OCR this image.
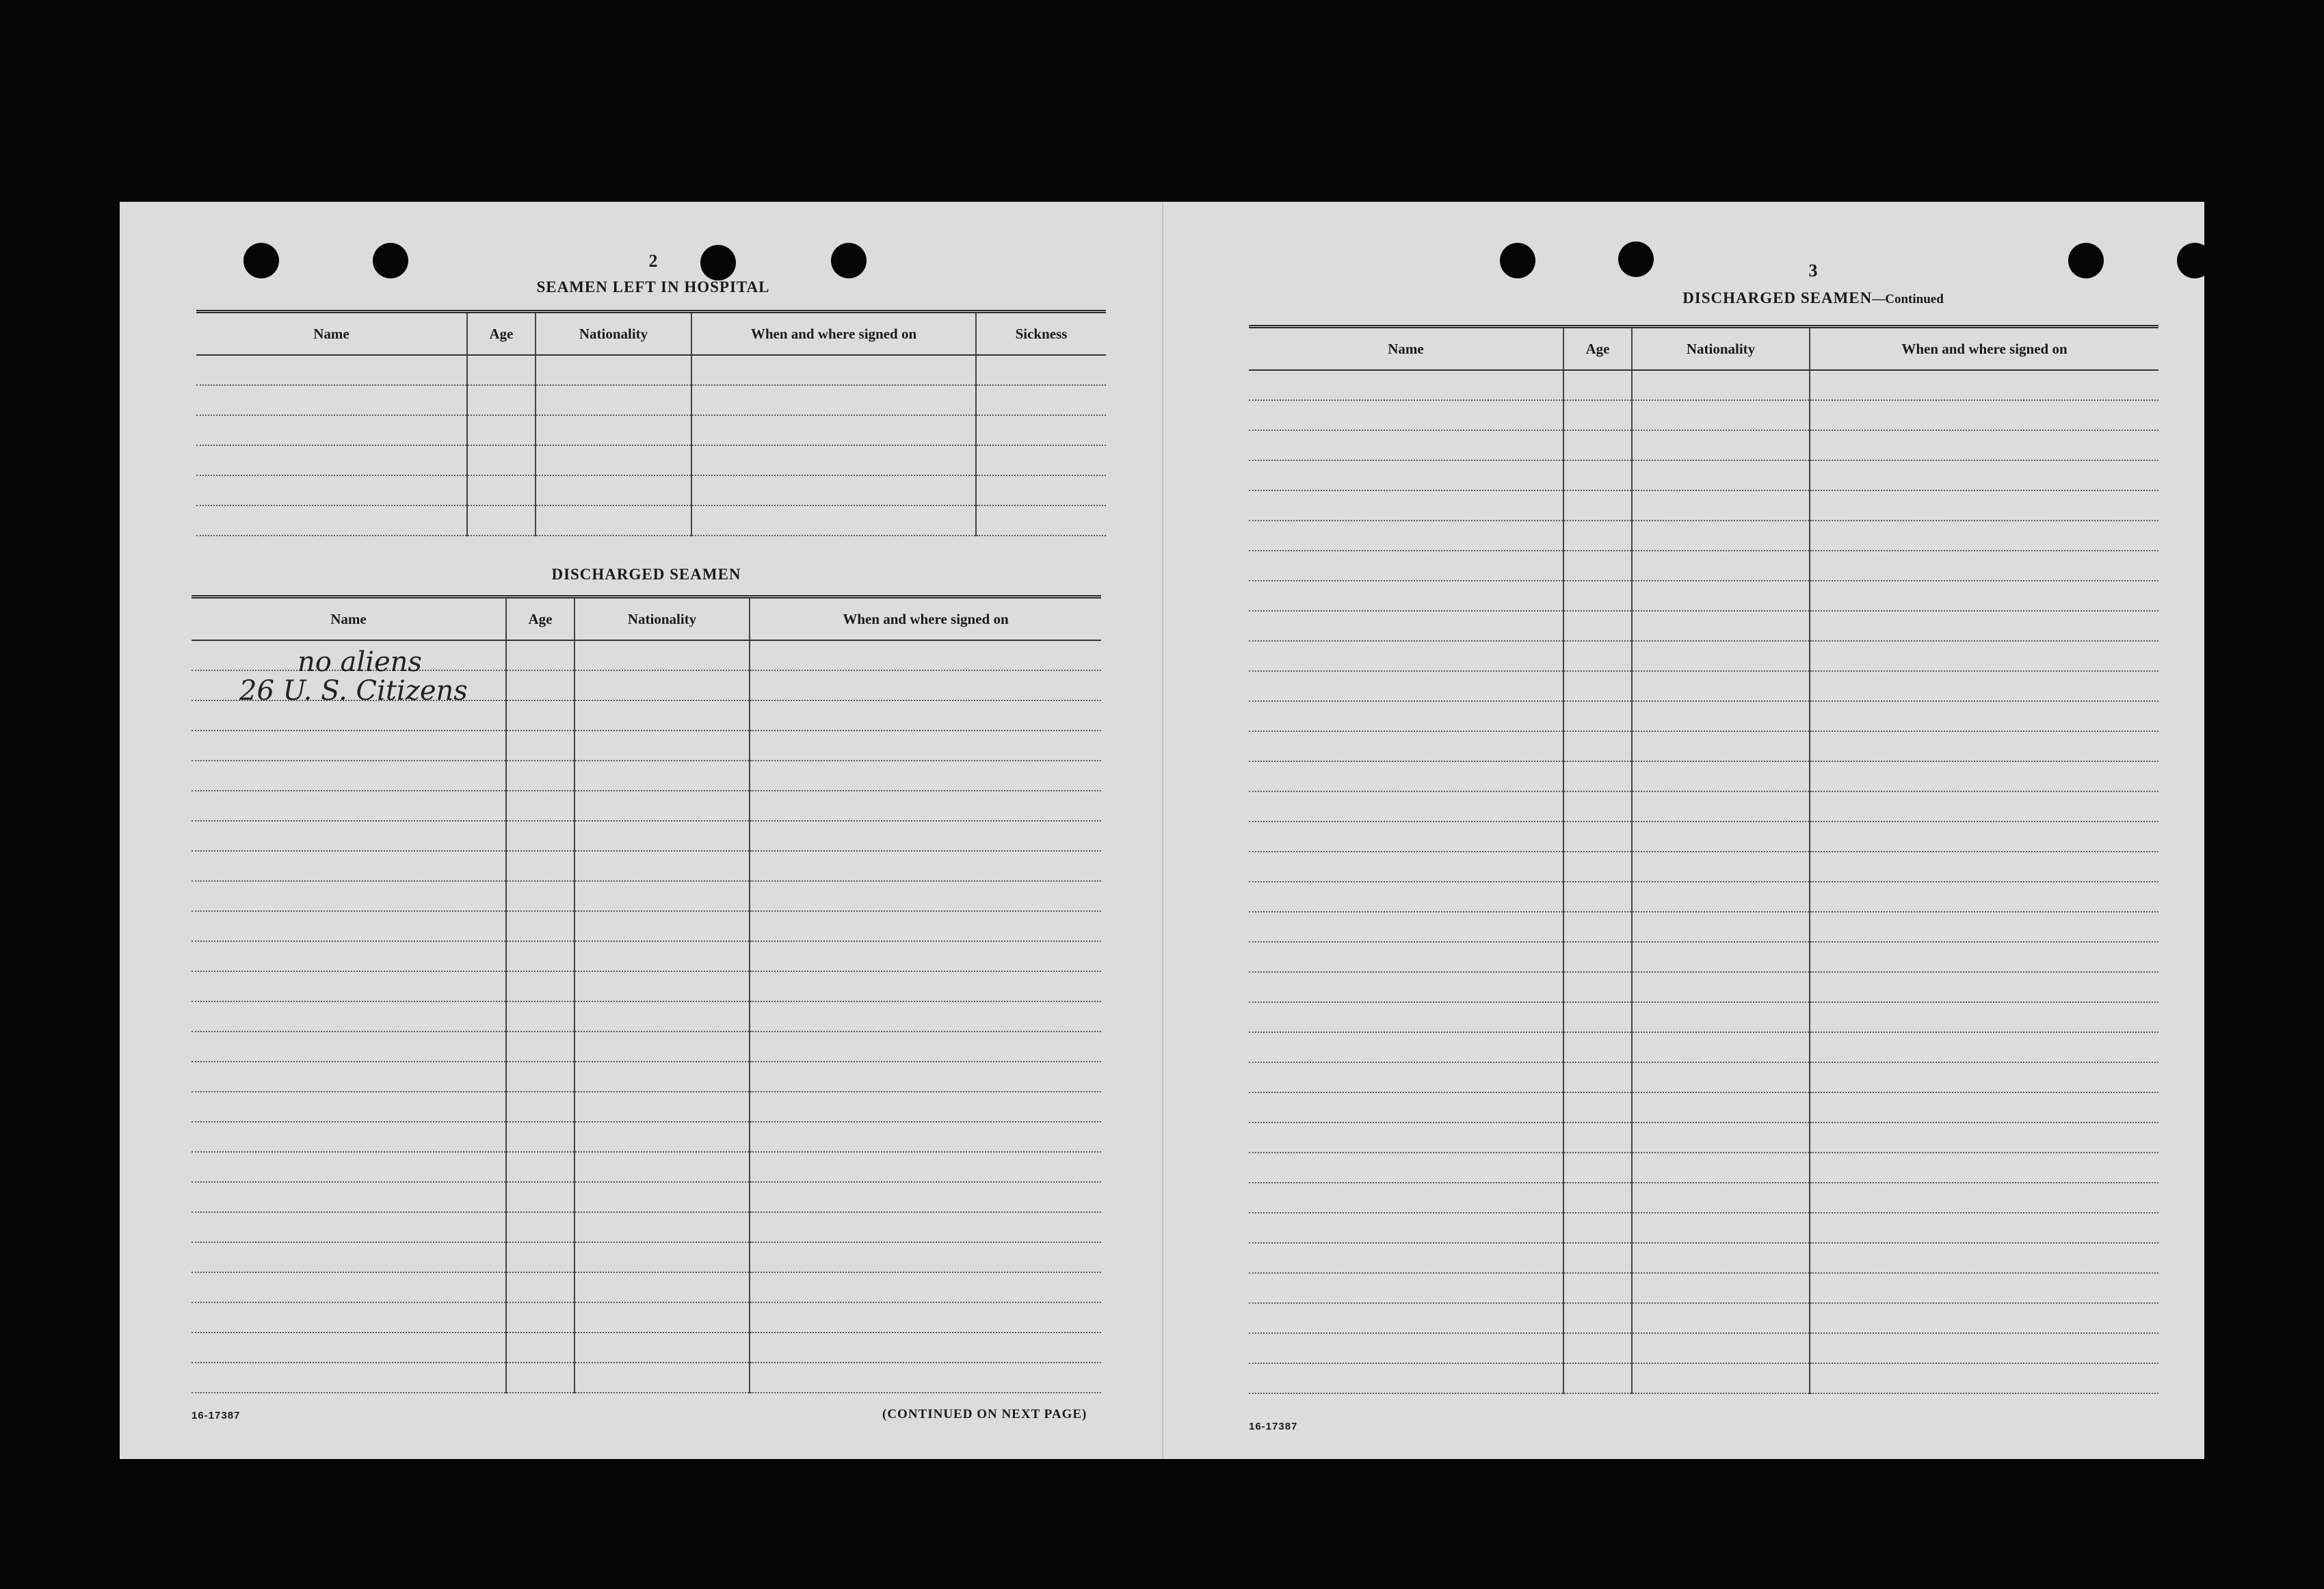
2
SEAMEN LEFT IN HOSPITAL
Name	Age	Nationality	When and where signed on	Sickness

DISCHARGED SEAMEN
Name	Age	Nationality	When and where signed on

no aliens
26 U. S. Citizens
16-17387	(CONTINUED ON NEXT PAGE)
3
DISCHARGED SEAMEN—Continued
Name	Age	Nationality	When and where signed on

16-17387
